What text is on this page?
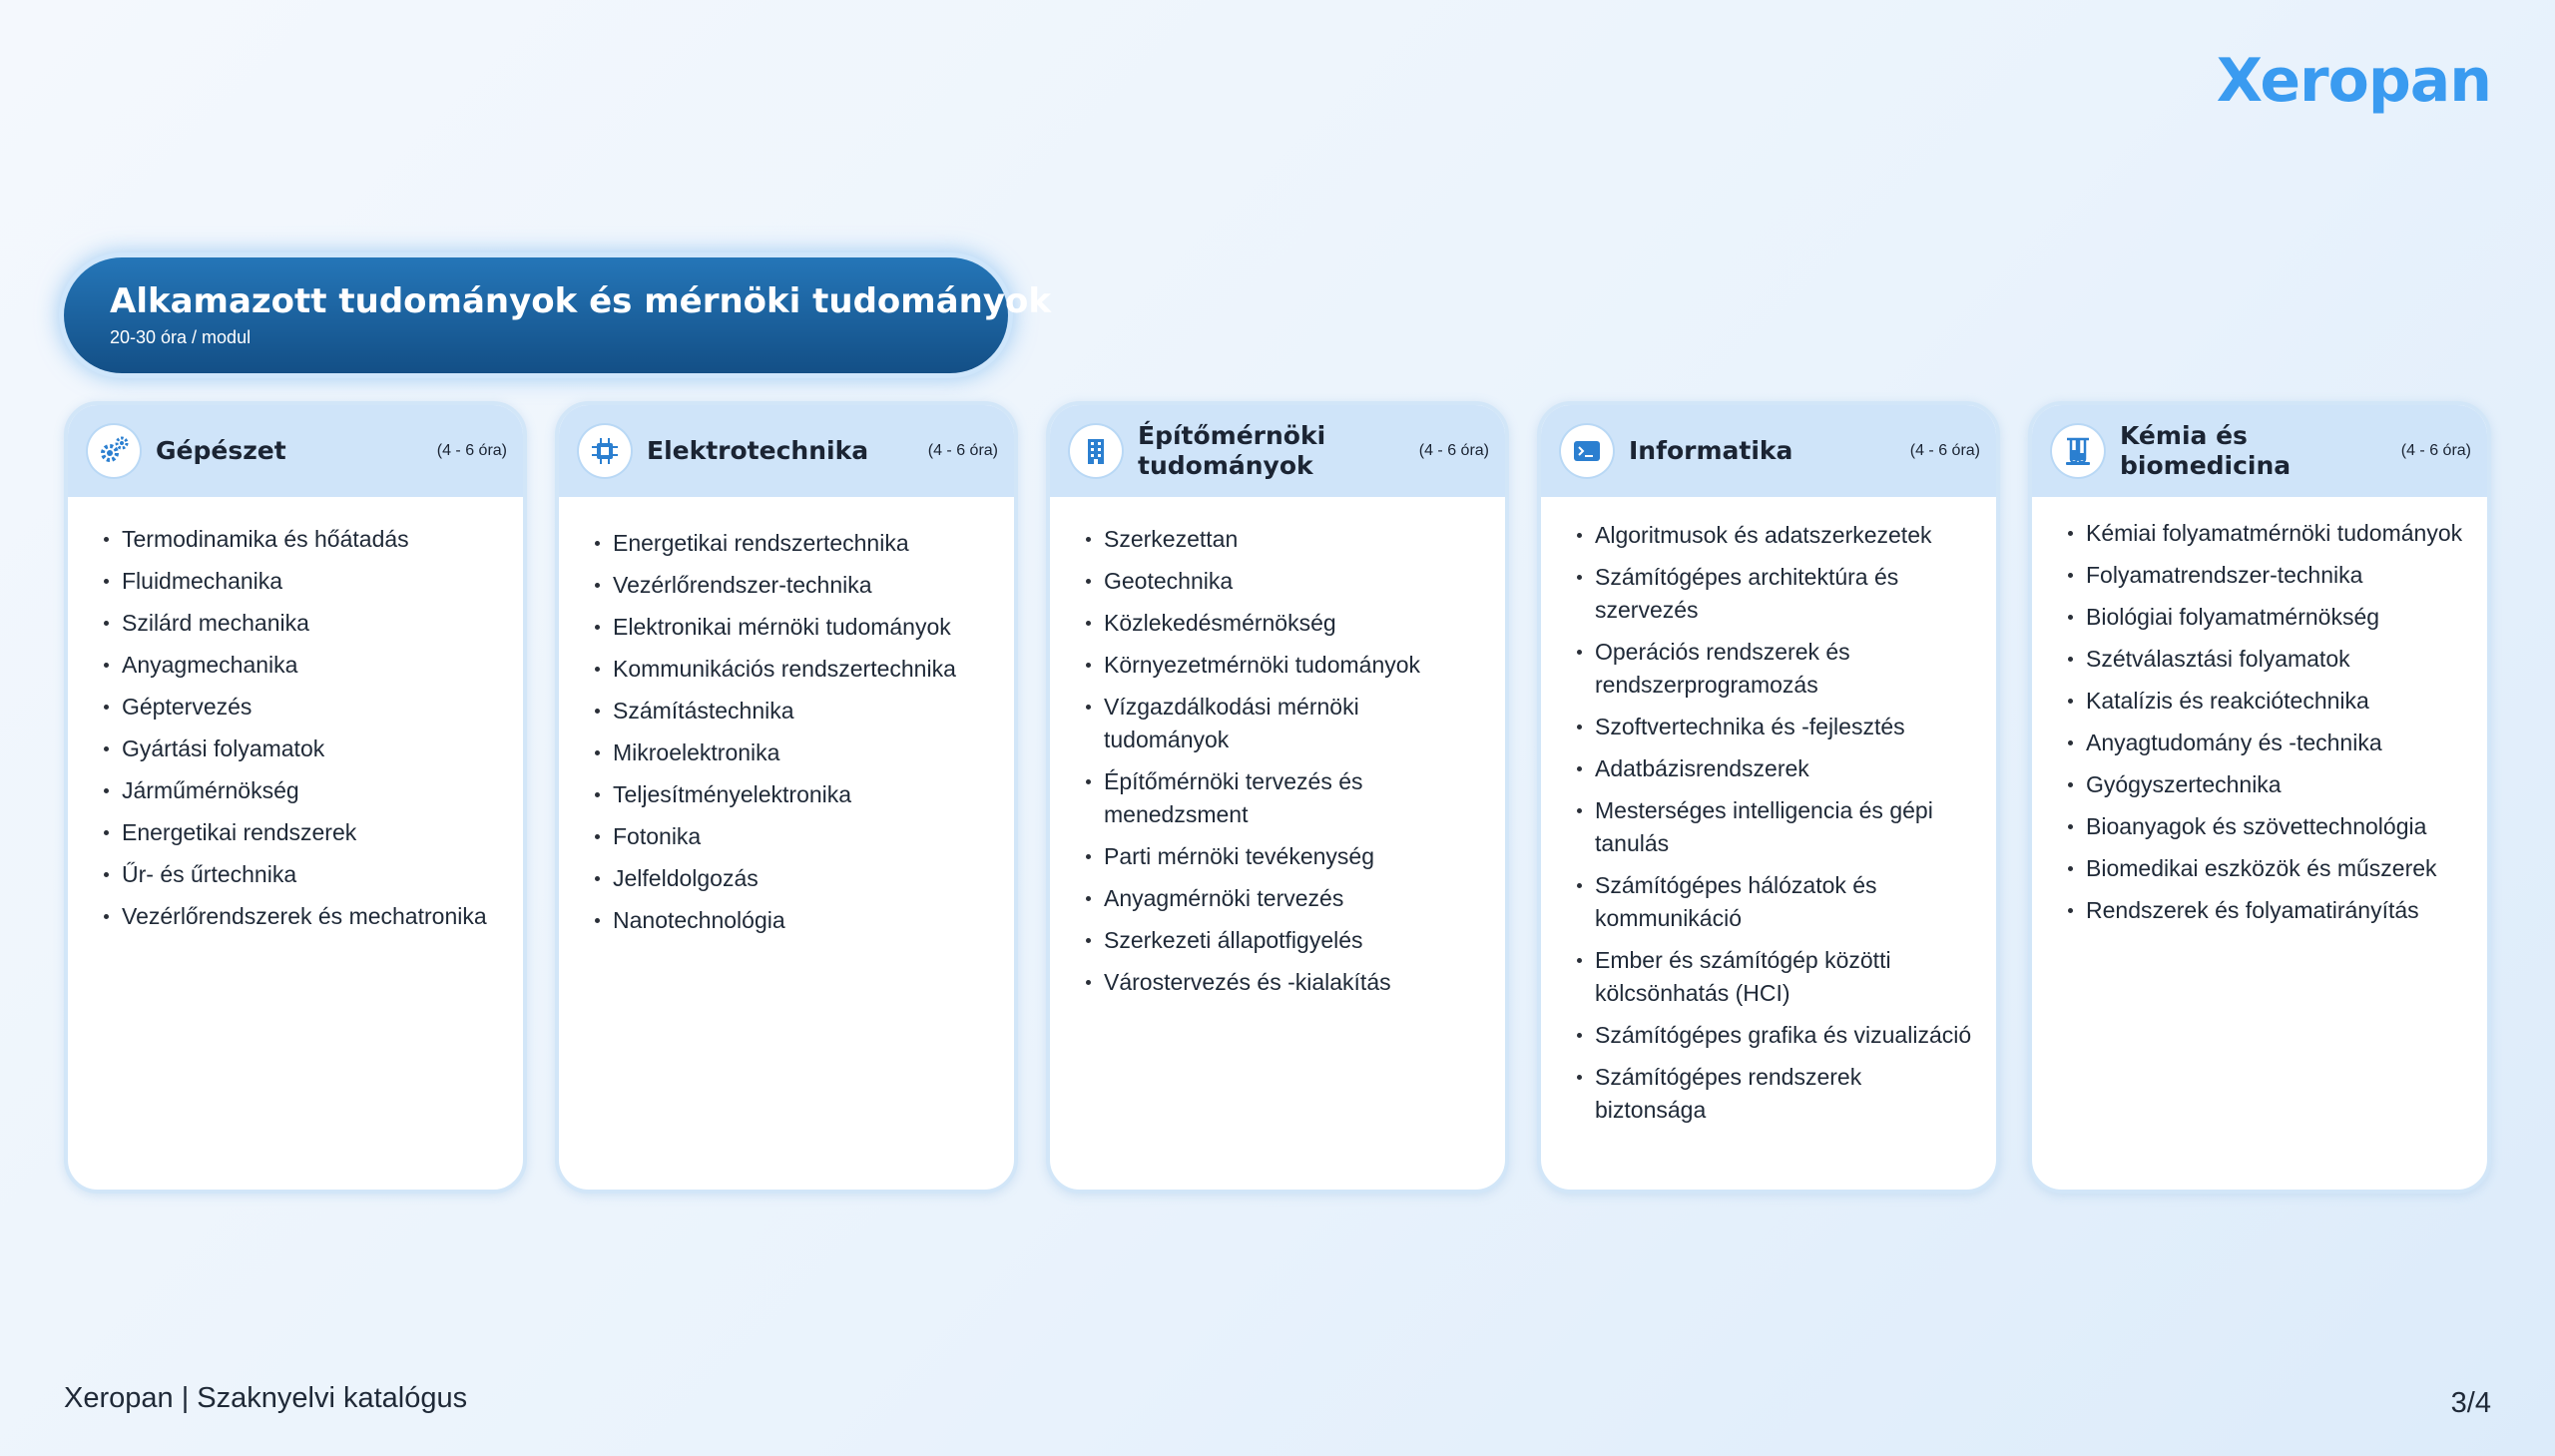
Xeropan
Alkamazott tudományok és mérnöki tudományok
20-30 óra / modul
Gépészet	(4 - 6 óra)
Termodinamika és hőátadás
Fluidmechanika
Szilárd mechanika
Anyagmechanika
Géptervezés
Gyártási folyamatok
Járműmérnökség
Energetikai rendszerek
Űr- és űrtechnika
Vezérlőrendszerek és mechatronika
Elektrotechnika	(4 - 6 óra)
Energetikai rendszertechnika
Vezérlőrendszer-technika
Elektronikai mérnöki tudományok
Kommunikációs rendszertechnika
Számítástechnika
Mikroelektronika
Teljesítményelektronika
Fotonika
Jelfeldolgozás
Nanotechnológia
Építőmérnöki tudományok
(4 - 6 óra)
Szerkezettan
Geotechnika
Közlekedésmérnökség
Környezetmérnöki tudományok
Vízgazdálkodási mérnöki tudományok
Építőmérnöki tervezés és menedzsment
Parti mérnöki tevékenység
Anyagmérnöki tervezés
Szerkezeti állapotfigyelés
Várostervezés és -kialakítás
Informatika	(4 - 6 óra)
Algoritmusok és adatszerkezetek
Számítógépes architektúra és szervezés
Operációs rendszerek és rendszerprogramozás
Szoftvertechnika és -fejlesztés
Adatbázisrendszerek
Mesterséges intelligencia és gépi tanulás
Számítógépes hálózatok és kommunikáció
Ember és számítógép közötti kölcsönhatás (HCI)
Számítógépes grafika és vizualizáció
Számítógépes rendszerek biztonsága
Kémia és biomedicina
(4 - 6 óra)
Kémiai folyamatmérnöki tudományok
Folyamatrendszer-technika
Biológiai folyamatmérnökség
Szétválasztási folyamatok
Katalízis és reakciótechnika
Anyagtudomány és -technika
Gyógyszertechnika
Bioanyagok és szövettechnológia
Biomedikai eszközök és műszerek
Rendszerek és folyamatirányítás
Xeropan | Szaknyelvi katalógus	3/4
